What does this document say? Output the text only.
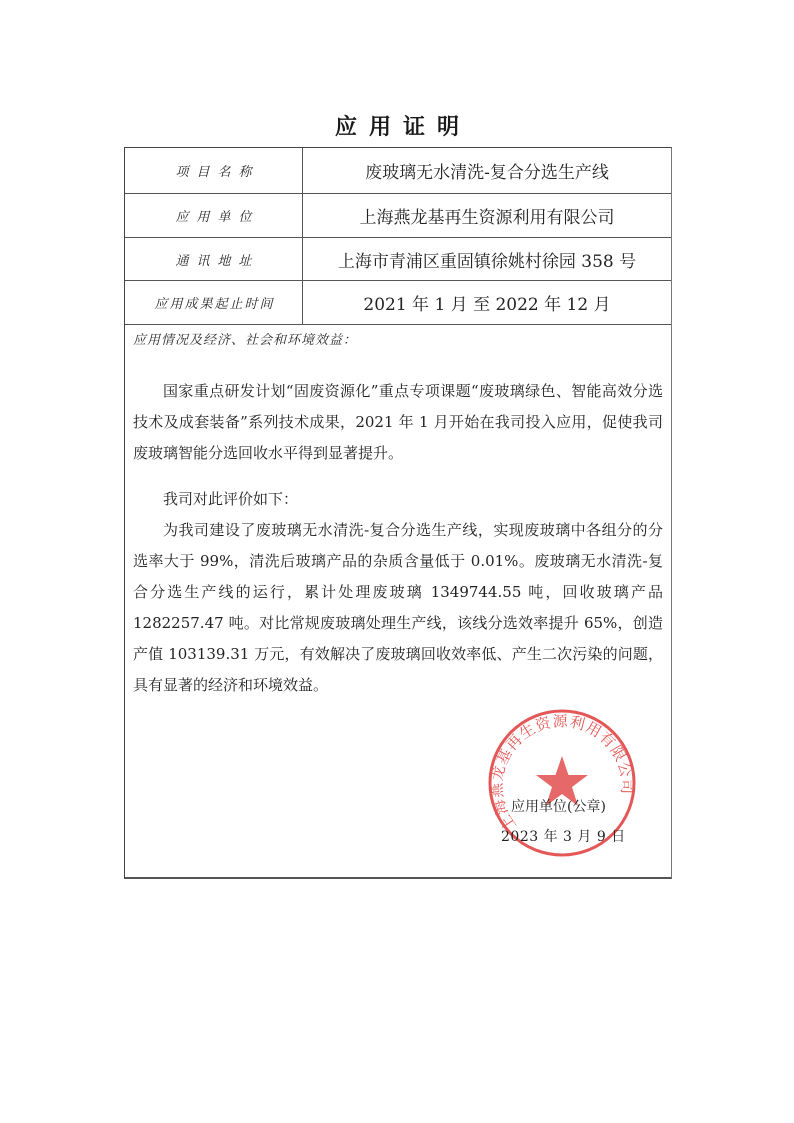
应用证明
项目名称	废玻璃无水清洗-复合分选生产线
应用单位	上海燕龙基再生资源利用有限公司
通讯地址	上海市青浦区重固镇徐姚村徐园 358 号
应用成果起止时间	2021 年 1 月 至 2022 年 12 月
应用情况及经济、社会和环境效益：

国家重点研发计划“固废资源化”重点专项课题“废玻璃绿色、智能高效分选技术及成套装备”系列技术成果，2021 年 1 月开始在我司投入应用，促使我司废玻璃智能分选回收水平得到显著提升。

我司对此评价如下：

为我司建设了废玻璃无水清洗-复合分选生产线，实现废玻璃中各组分的分选率大于 99%，清洗后玻璃产品的杂质含量低于 0.01%。废玻璃无水清洗-复合分选生产线的运行，累计处理废玻璃 1349744.55 吨，回收玻璃产品 1282257.47 吨。对比常规废玻璃处理生产线，该线分选效率提升 65%，创造产值 103139.31 万元，有效解决了废玻璃回收效率低、产生二次污染的问题，具有显著的经济和环境效益。

应用单位(公章)
2023 年 3 月 9 日
上海燕龙基再生资源利用有限公司
